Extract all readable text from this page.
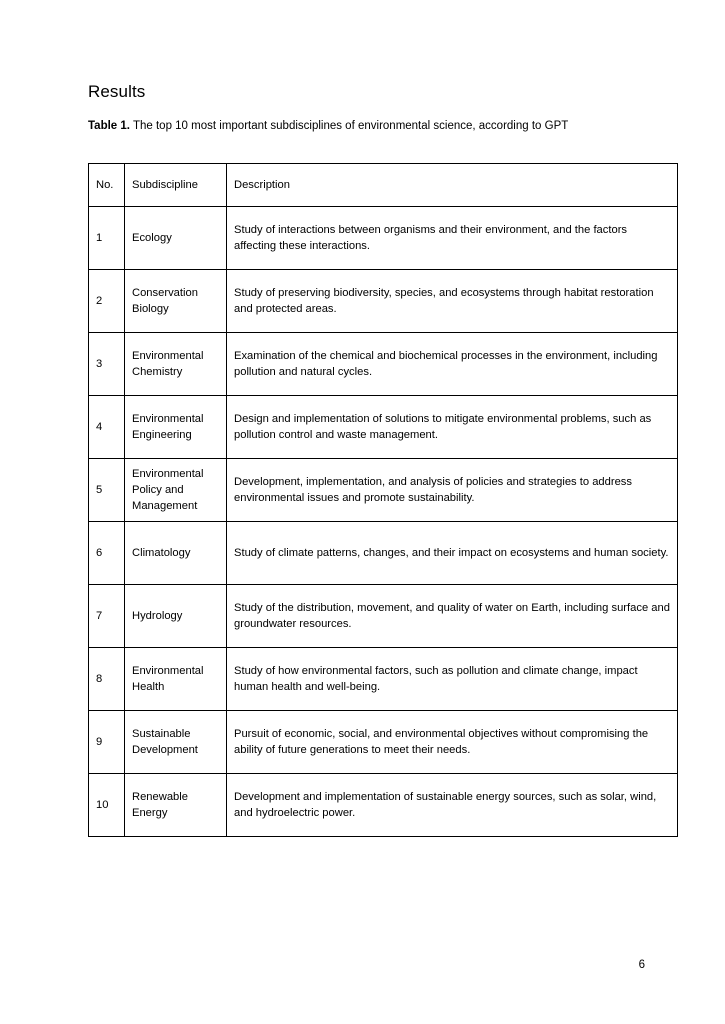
Results

Table 1. The top 10 most important subdisciplines of environmental science, according to GPT

No.	Subdiscipline	Description
1	Ecology	Study of interactions between organisms and their environment, and the factors affecting these interactions.
2	Conservation Biology	Study of preserving biodiversity, species, and ecosystems through habitat restoration and protected areas.
3	Environmental Chemistry	Examination of the chemical and biochemical processes in the environment, including pollution and natural cycles.
4	Environmental Engineering	Design and implementation of solutions to mitigate environmental problems, such as pollution control and waste management.
5	Environmental Policy and Management	Development, implementation, and analysis of policies and strategies to address environmental issues and promote sustainability.
6	Climatology	Study of climate patterns, changes, and their impact on ecosystems and human society.
7	Hydrology	Study of the distribution, movement, and quality of water on Earth, including surface and groundwater resources.
8	Environmental Health	Study of how environmental factors, such as pollution and climate change, impact human health and well-being.
9	Sustainable Development	Pursuit of economic, social, and environmental objectives without compromising the ability of future generations to meet their needs.
10	Renewable Energy	Development and implementation of sustainable energy sources, such as solar, wind, and hydroelectric power.
6
